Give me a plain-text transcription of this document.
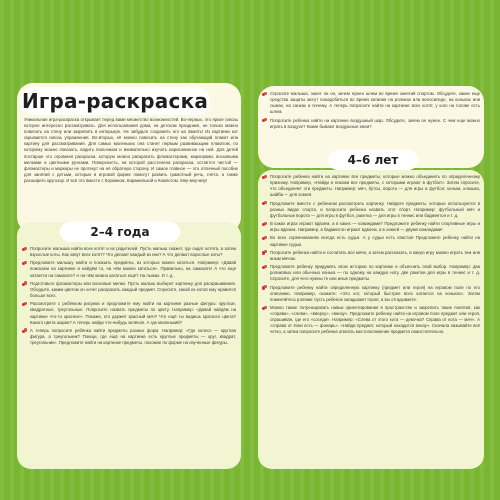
Игра-раскраска

Уникальная игра-раскраска открывает перед вами множество возможностей. Во-первых, это яркое сквозь которое интересно рассматривать. Для использования дома, на детском празднике, не только можно повесить на стену или закрепить в интерьере. Не забудьте сохранить его на память! Из картинки кот скрывается сквозь упражнения. Во-вторых, её можно повесить на стену как обучающий плакат или картину для рассматривания. Для самых маленьких она станет первым развивающим плакатом, по которому можно показать, водить пальчиком и внимательно изучать нарисованное на ней. Для детей постарше это огромная раскраска, которую можно раскрасить фломастерами, маркерами, восковыми мелками и цветными ручками. Поверхность, на которой расстелена раскраска, остаётся чистой — фломастеры и маркеры не протекут на её обратную сторону. И самое главное — это отличный пособие для занятий с детьми, которые в игровой форме помогут развить грамотный речь, счёта, а также расширить кругозор. И всё это вместе с Коржиком, Карамелькой и Компотом. Мяу-мяу-мяу!

2–4 года
4–6 лет
Попросите малыша найти всех котят и их родителей. Пусть малыш скажет, где сидят котята, а затем взрослые коты. Как зовут всех котят? Что делают каждый из них? А что делают взрослые коты?
Предложите малышу найти и показать предметы, из которых можно кататься. Например: «Давай поискаем на картинке и найдём то, на чём можно кататься». Правильно, на самокате! А что ещё катается на самокате? А на чём можно кататься ещё? На лыжах. И т. д.
Подготовьте фломастеры или восковые мелки. Пусть малыш выберет картинку для раскрашивания. Обсудите, каким цветом он хочет раскрасить каждый предмет. Спросите, какой из котов ему нравится больше всех.
Рассмотрите с ребёнком рисунки и предложите ему найти на картинке разные фигуры: круглые, квадратные, треугольные. Попросите назвать предметы по цвету. Например: «Давай найдём на картинке что-то красное». Покажи, кто держит красный мяч? Что ещё ты видишь красного цвета? Какого цвета шарик? А теперь найди что-нибудь зелёное. А где маленький?
А теперь попросите ребёнка найти предметы разных форм. Например: «Где колесо — круглая фигура, а треугольник? Поищи, где ещё на картинке есть круглые предметы — круг, квадрат, треугольник». Предложите найти на картинке предметы, похожие по форме на изученные фигуры.
Спросите малыша, знает ли он, зачем нужен шлем во время занятий спортом. Обсудите, какие еще средства защиты могут понадобиться во время катания на роликах или велосипеде, на коньках или лыжах, на санках и почему. А теперь попросите найти на картинке всех котят, у кого на голове есть шлем.
Попросите ребенка найти на картинке воздушный шар. Обсудите, зачем он нужен. С чем еще можно играть в воздухе? Какие бывают воздушные змеи?
Попросите ребенка найти на картинке все предметы, которые можно объединить по определенному признаку. Например, «Найди и покажи все предметы, с которыми играют в футбол». Затем спросите, что объединяет эти предметы. Например: мяч, бутсы, ворота — для игры в футбол; коньки, клюшка, шайба — для хоккея.
Предложите вместе с ребенком рассмотреть картинку. Найдите предметы, которые используются в разных видах спорта, и попросите ребенка назвать этот спорт. Например: футбольный мяч и футбольные ворота — для игры в футбол, ракетка — для игры в теннис или бадминтон и т. д.
В каких играх играют вдвоем, а в каких — командами? Предложите ребенку найти спортивные игры и игры вдвоем. Например, в бадминтон играют вдвоем, а в хоккей — двумя командами!
Во всех соревнованиях всегда есть судья. А у судьи есть свисток! Предложите ребенку найти на картинке судью.
Попросите ребенка найти и сосчитать все мячи, а затем рассказать, в какую игру можно играть тем или иным мячом.
Предложите ребенку придумать свою историю по картинке и объяснить свой выбор. Например: два роликовых или обычных конька — по одному на каждую ногу, две ракетки для игры в теннис и т. д. Спросите, для чего нужны те или иные предметы.
Предложите ребенку найти определенную картинку (предмет или героя) на игровом поле по его описанию. Например, скажите: «Это кот, который быстрее всех катается на коньках». Затем поменяйтесь ролями: пусть ребенок загадывает героя, а вы отгадываете.
Можно также потренировать навык ориентирования в пространстве и закрепить такие понятия, как «справа», «слева», «вверху», «внизу». Предложите ребенку найти на игровом поле предмет или героя, спрашивая, где его «соседи». Например: «Слева от этого кота — девочка? Справа от кота — мяч». А «справа от ёлки есть — фонарь». «Найди предмет, который находится внизу». Сначала называйте всё четко, а затем попросите ребенка описать местоположение предмета самостоятельно.
